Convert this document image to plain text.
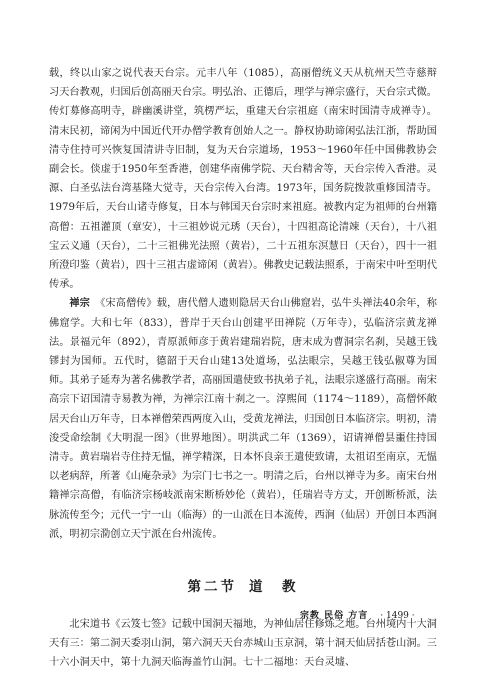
载，终以山家之说代表天台宗。元丰八年（1085），高丽僧统义天从杭州天竺寺慈辩习天台教观，归国后创高丽天台宗。明弘治、正德后，理学与禅宗盛行，天台宗式微。传灯募修高明寺，辟幽溪讲堂，筑楞严坛，重建天台宗祖庭（南宋时国清寺成禅寺）。清末民初，谛闲为中国近代开办僧学教育创始人之一。静权协助谛闲弘法江浙，帮助国清寺住持可兴恢复国清讲寺旧制，复为天台宗道场，1953～1960年任中国佛教协会副会长。倓虚于1950年至香港，创建华南佛学院、天台精舍等，天台宗传入香港。灵源、白圣弘法台湾基隆大觉寺，天台宗传入台湾。1973年，国务院拨款重修国清寺。1979年后，天台山诸寺修复，日本与韩国天台宗时来祖庭。被教内定为祖师的台州籍高僧：五祖灌顶（章安），十三祖妙说元琇（天台），十四祖高论清竦（天台），十八祖宝云义通（天台），二十三祖佛光法照（黄岩），二十五祖东溟慧日（天台），四十一祖所澄印鉴（黄岩），四十三祖古虚谛闲（黄岩）。佛教史记载法照系，于南宋中叶至明代传承。

禅宗　 《宋高僧传》载，唐代僧人遗则隐居天台山佛窟岩，弘牛头禅法40余年，称佛窟学。大和七年（833），普岸于天台山创建平田禅院（万年寺），弘临济宗黄龙禅法。景福元年（892），青原派师彦于黄岩建瑞岩院，唐末成为曹洞宗名刹，吴越王钱镠封为国师。五代时，德韶于天台山建13处道场，弘法眼宗，吴越王钱弘俶尊为国师。其弟子延寿为著名佛教学者，高丽国遣使致书执弟子礼，法眼宗遂盛行高丽。南宋高宗下诏国清寺易教为禅，为禅宗江南十刹之一。淳熙间（1174～1189），高僧怀敞居天台山万年寺，日本禅僧荣西两度入山，受黄龙禅法，归国创日本临济宗。明初，清浚受命绘制《大明混一图》（世界地图）。明洪武二年（1369），诏请禅僧昙噩住持国清寺。黄岩瑞岩寺住持无愠，禅学精深，日本怀良亲王遣使致请，太祖诏至南京，无愠以老病辞，所著《山庵杂录》为宗门七书之一。明清之后，台州以禅寺为多。南宋台州籍禅宗高僧，有临济宗杨岐派南宋断桥妙伦（黄岩），任瑞岩寺方丈，开创断桥派，法脉流传至今；元代一宁一山（临海）的一山派在日本流传，西涧（仙居）开创日本西涧派，明初宗泐创立天宁派在台州流传。

第二节 道　教

北宋道书《云笈七签》记载中国洞天福地，为神仙居住修炼之地。台州境内十大洞天有三：第二洞天委羽山洞，第六洞天天台赤城山玉京洞，第十洞天仙居括苍山洞。三十六小洞天中，第十九洞天临海盖竹山洞。七十二福地：天台灵墟、

宗教 民俗 方言 · 1499 ·
